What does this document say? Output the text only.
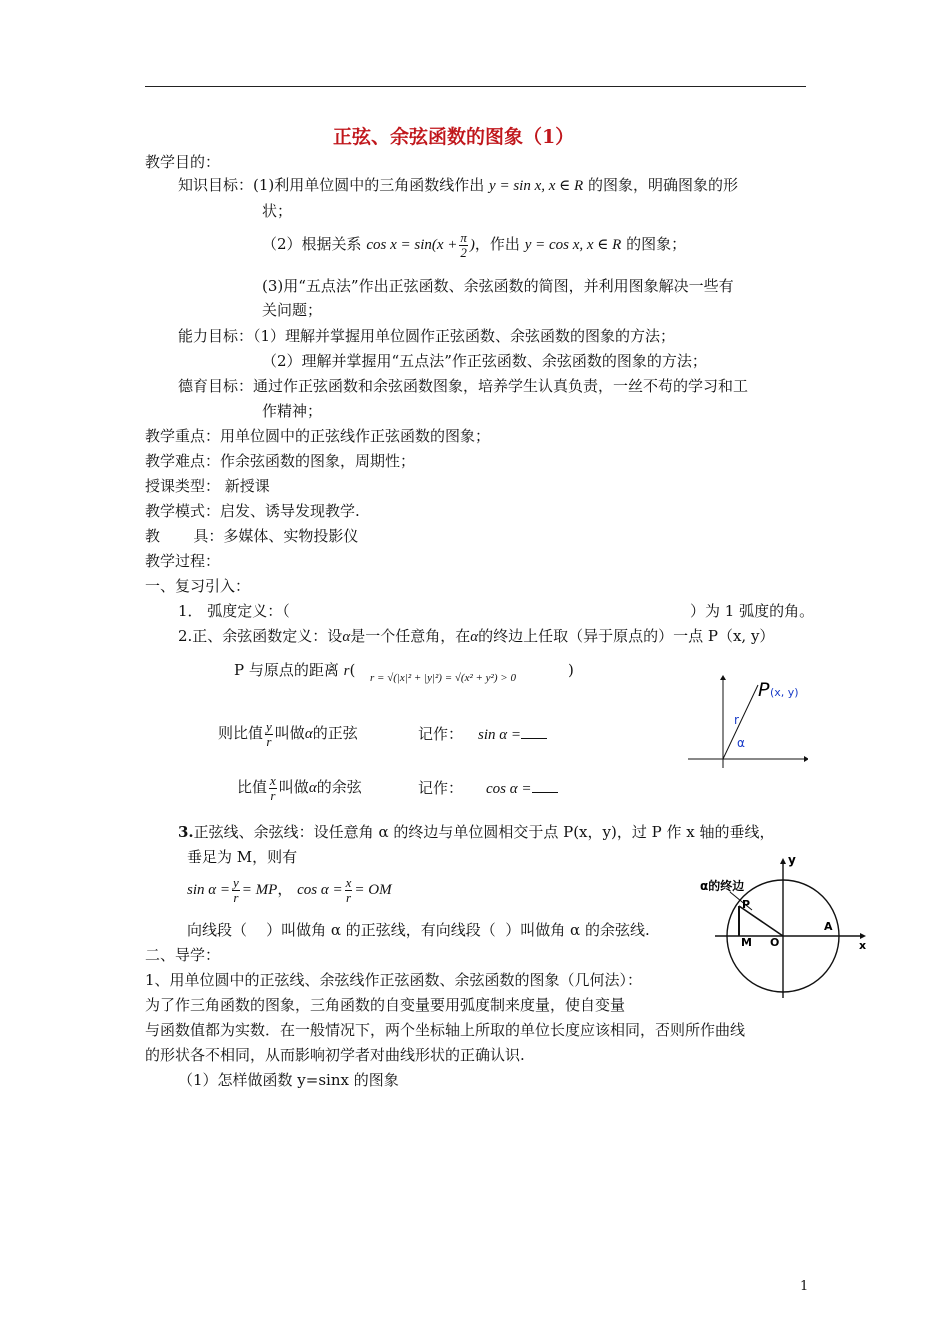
正弦、余弦函数的图象（1）
教学目的：
知识目标：(1)利用单位圆中的三角函数线作出 y = sin x, x ∈ R 的图象，明确图象的形
状；
（2）根据关系 $\cos x = \sin(x + \frac{\pi}{2}$ )，作出 y = cos x, x ∈ R 的图象；
(3)用“五点法”作出正弦函数、余弦函数的简图，并利用图象解决一些有
关问题；
能力目标：（1）理解并掌握用单位圆作正弦函数、余弦函数的图象的方法；
（2）理解并掌握用“五点法”作正弦函数、余弦函数的图象的方法；
德育目标：通过作正弦函数和余弦函数图象，培养学生认真负责，一丝不苟的学习和工
作精神；
教学重点：用单位圆中的正弦线作正弦函数的图象；
教学难点：作余弦函数的图象，周期性；
授课类型： 新授课
教学模式：启发、诱导发现教学.
教       具：多媒体、实物投影仪
教学过程：
一、复习引入：
1． 弧度定义：（	）为 1 弧度的角。
2.正、余弦函数定义：设α是一个任意角，在α的终边上任取（异于原点的）一点 P（x, y）
P 与原点的距离 r( r = √(|x|² + |y|²) = √(x² + y²) > 0	)
则比值 $\frac{y}{r}$ 叫做α的正弦	记作： sin α =
比值 $\frac{x}{r}$ 叫做α的余弦	记作： cos α =
P (x, y)
r
α
3.正弦线、余弦线：设任意角 α 的终边与单位圆相交于点 P(x，y)，过 P 作 x 轴的垂线，
垂足为 M，则有
$\sin \alpha = \frac{y}{r}$ = MP， $\cos \alpha = \frac{x}{r}$ = OM
向线段（    ）叫做角 α 的正弦线，有向线段（  ）叫做角 α 的余弦线.
α的终边
x
y
P
M O
A
二、导学：
1、用单位圆中的正弦线、余弦线作正弦函数、余弦函数的图象（几何法）：
为了作三角函数的图象，三角函数的自变量要用弧度制来度量，使自变量
与函数值都为实数．在一般情况下，两个坐标轴上所取的单位长度应该相同，否则所作曲线
的形状各不相同，从而影响初学者对曲线形状的正确认识.
（1）怎样做函数 y=sinx 的图象
1
